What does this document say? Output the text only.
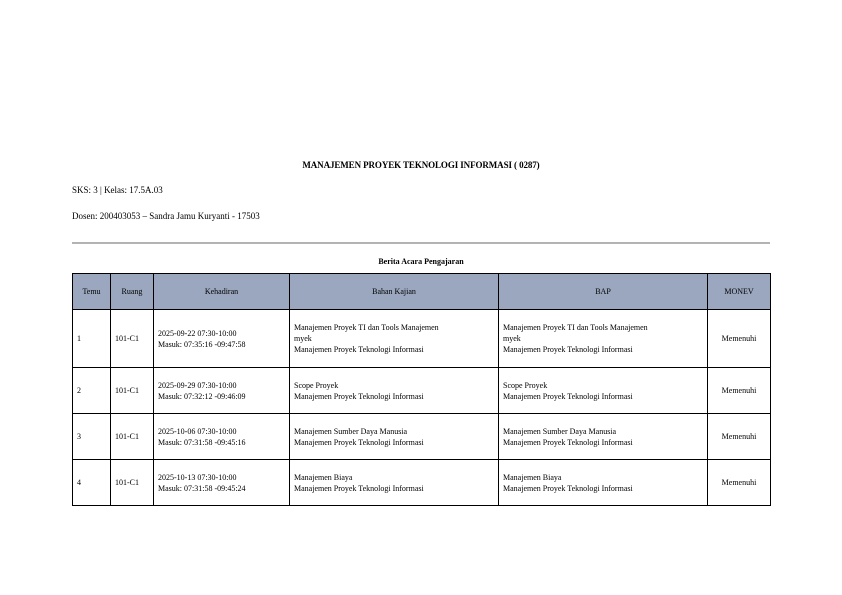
MANAJEMEN PROYEK TEKNOLOGI INFORMASI ( 0287)
SKS: 3 | Kelas: 17.5A.03
Dosen: 200403053 – Sandra Jamu Kuryanti - 17503
Berita Acara Pengajaran
Temu	Ruang	Kehadiran	Bahan Kajian	BAP	MONEV
1	101-C1	2025-09-22 07:30-10:00
Masuk: 07:35:16 -09:47:58	Manajemen Proyek TI dan Tools Manajemen
myek
Manajemen Proyek Teknologi Informasi	Manajemen Proyek TI dan Tools Manajemen
myek
Manajemen Proyek Teknologi Informasi	Memenuhi
2	101-C1	2025-09-29 07:30-10:00
Masuk: 07:32:12 -09:46:09	Scope Proyek
Manajemen Proyek Teknologi Informasi	Scope Proyek
Manajemen Proyek Teknologi Informasi	Memenuhi
3	101-C1	2025-10-06 07:30-10:00
Masuk: 07:31:58 -09:45:16	Manajemen Sumber Daya Manusia
Manajemen Proyek Teknologi Informasi	Manajemen Sumber Daya Manusia
Manajemen Proyek Teknologi Informasi	Memenuhi
4	101-C1	2025-10-13 07:30-10:00
Masuk: 07:31:58 -09:45:24	Manajemen Biaya
Manajemen Proyek Teknologi Informasi	Manajemen Biaya
Manajemen Proyek Teknologi Informasi	Memenuhi
